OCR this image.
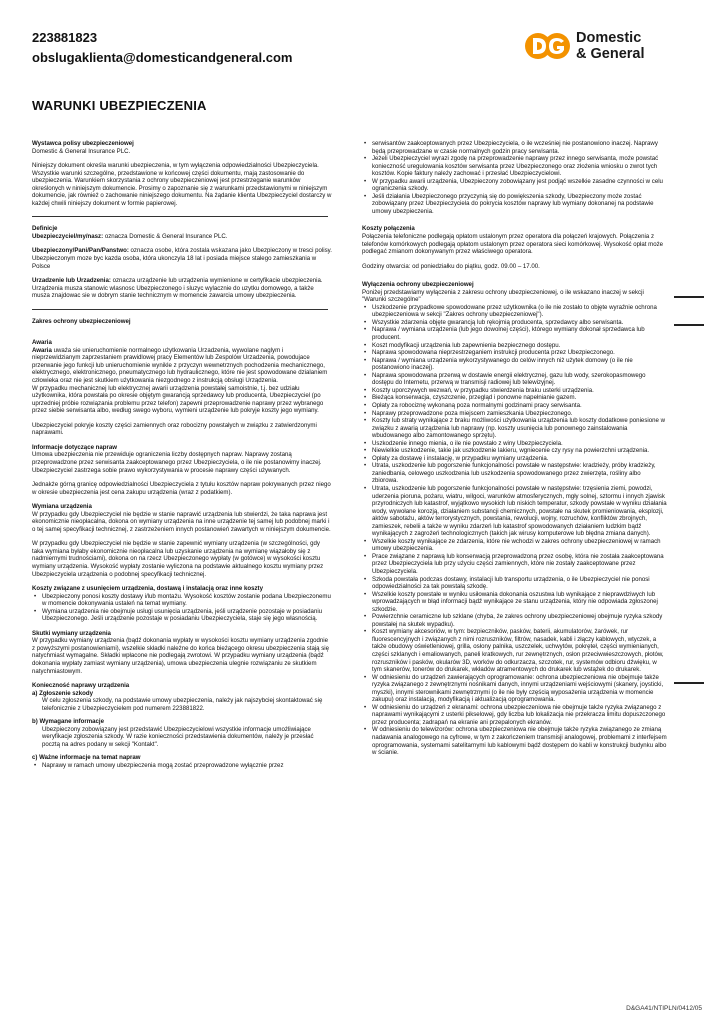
223881823
obslugaklienta@domesticandgeneral.com
Domestic
& General
WARUNKI UBEZPIECZENIA
Wystawca polisy ubezpieczeniowej
Domestic & General Insurance PLC.
Niniejszy dokument określa warunki ubezpieczenia, w tym wyłączenia odpowiedzialności Ubezpieczyciela. Wszystkie warunki szczególne, przedstawione w końcowej części dokumentu, mają zastosowanie do ubezpieczenia. Warunkiem skorzystania z ochrony ubezpieczeniowej jest przestrzeganie warunków określonych w niniejszym dokumencie. Prosimy o zapoznanie się z warunkami przedstawionymi w niniejszym dokumencie, jak również o zachowanie niniejszego dokumentu. Na żądanie klienta Ubezpieczyciel dostarczy w każdej chwili niniejszy dokument w formie papierowej.
Definicje
Ubezpieczyciel/my/nasz: oznacza Domestic & General Insurance PLC.
Ubezpieczony/Pani/Pan/Panstwo: oznacza osobe, która zostala wskazana jako Ubezpieczony w tresci polisy. Ubezpieczonym moze byc kazda osoba, która ukonczyla 18 lat i posiada miejsce stalego zamieszkania w Polsce
Urzadzenie lub Urzadzenia: oznacza urządzenie lub urządzenia wymienione w certyfikacie ubezpieczenia. Urządzenia musza stanowic wlasnosc Ubezpieczonego i sluzyc wylacznie do uzytku domowego, a także musza znajdowac sie w dobrym stanie technicznym w momencie zawarcia umowy ubezpieczenia.
Zakres ochrony ubezpieczeniowej
Awaria
Awaria uważa sie unieruchomienie normalnego użytkowania Urzadzenia, wywolane naglym i nieprzewidzianym zaprzestaniem prawidlowej pracy Elementów lub Zespolów Urzadzenia, powodujace przerwanie jego funkcji lub unieruchomienie wynikle z przyczyn wewnetrznych pochodzenia mechanicznego, elektrycznego, elektronicznego, pneumatycznego lub hydraulicznego, które nie jest spowodowane dzialaniem człowieka oraz nie jest skutkiem użytkowania niezgodnego z instrukcją obsługi Urządzenia.
W przypadku mechanicznej lub elektrycznej awarii urządzenia powstałej samoistnie, t.j. bez udziału użytkownika, która powstała po okresie objętym gwarancją sprzedawcy lub producenta, Ubezpieczyciel (po uprzedniej próbie rozwiązania problemu przez telefon) zapewni przeprowadzenie naprawy przez wybranego przez siebie serwisanta albo, według swego wyboru, wymieni urządzenie lub pokryje koszty jego wymiany.
Ubezpieczyciel pokryje koszty części zamiennych oraz robocizny powstałych w związku z zatwierdzonymi naprawami.
Informacje dotyczące napraw
Umowa ubezpieczenia nie przewiduje ograniczenia liczby dostępnych napraw. Naprawy zostaną przeprowadzone przez serwisanta zaakceptowanego przez Ubezpieczyciela, o ile nie postanowimy inaczej. Ubezpieczyciel zastrzega sobie prawo wykorzystywania w procesie naprawy części używanych.
Jednakże górną granicę odpowiedzialności Ubezpieczyciela z tytułu kosztów napraw pokrywanych przez niego w okresie ubezpieczenia jest cena zakupu urządzenia (wraz z podatkiem).
Wymiana urządzenia
W przypadku gdy Ubezpieczyciel nie będzie w stanie naprawić urządzenia lub stwierdzi, że taka naprawa jest ekonomicznie nieopłacalna, dokona on wymiany urządzenia na inne urządzenie tej samej lub podobnej marki i o tej samej specyfikacji technicznej, z zastrzeżeniem innych postanowień zawartych w niniejszym dokumencie.
W przypadku gdy Ubezpieczyciel nie będzie w stanie zapewnić wymiany urządzenia (w szczególności, gdy taka wymiana byłaby ekonomicznie nieopłacalna lub uzyskanie urządzenia na wymianę wiązałoby się z nadmiernymi trudnościami), dokona on na rzecz Ubezpieczonego wypłaty (w gotówce) w wysokości kosztu wymiany urządzenia. Wysokość wypłaty zostanie wyliczona na podstawie aktualnego kosztu wymiany przez Ubezpieczyciela urządzenia o podobnej specyfikacji technicznej.
Koszty związane z usunięciem urządzenia, dostawą i instalacją oraz inne koszty
• Ubezpieczony ponosi koszty dostawy i/lub montażu. Wysokość kosztów zostanie podana Ubezpieczonemu w momencie dokonywania ustaleń na temat wymiany.
• Wymiana urządzenia nie obejmuje usługi usunięcia urządzenia, jeśli urządzenie pozostaje w posiadaniu Ubezpieczonego. Jeśli urządzenie pozostaje w posiadaniu Ubezpieczyciela, staje się jego własnością.
Skutki wymiany urządzenia
W przypadku wymiany urządzenia (bądź dokonania wypłaty w wysokości kosztu wymiany urządzenia zgodnie z powyższymi postanowieniami), wszelkie składki należne do końca bieżącego okresu ubezpieczenia stają się natychmiast wymagalne. Składki wpłacone nie podlegają zwrotowi. W przypadku wymiany urządzenia (bądź dokonania wypłaty zamiast wymiany urządzenia), umowa ubezpieczenia ulegnie rozwiązaniu ze skutkiem natychmiastowym.
Konieczność naprawy urządzenia
a) Zgłoszenie szkody
W celu zgłoszenia szkody, na podstawie umowy ubezpieczenia, należy jak najszybciej skontaktować się telefonicznie z Ubezpieczycielem pod numerem 223881822.
b) Wymagane informacje
Ubezpieczony zobowiązany jest przedstawić Ubezpieczycielowi wszystkie informacje umożliwiające weryfikacje zgłoszenia szkody. W razie konieczności przedstawienia dokumentów, należy je przesłać pocztą na adres podany w sekcji "Kontakt".
c) Ważne informacje na temat napraw
• Naprawy w ramach umowy ubezpieczenia mogą zostać przeprowadzone wyłącznie przez
• serwisantów zaakceptowanych przez Ubezpieczyciela, o ile wcześniej nie postanowiono inaczej. Naprawy będą przeprowadzane w czasie normalnych godzin pracy serwisanta.
• Jeżeli Ubezpieczyciel wyrazi zgodę na przeprowadzenie naprawy przez innego serwisanta, może powstać konieczność uregulowania kosztów serwisanta przez Ubezpieczonego oraz złożenia wniosku o zwrot tych kosztów. Kopie faktury należy zachować i przesłać Ubezpieczycielowi.
• W przypadku awarii urządzenia, Ubezpieczony zobowiązany jest podjąć wszelkie zasadne czynności w celu ograniczenia szkody.
• Jeśli działania Ubezpieczonego przyczynią się do powiększenia szkody, Ubezpieczony może zostać zobowiązany przez Ubezpieczyciela do pokrycia kosztów naprawy lub wymiany dokonanej na podstawie umowy ubezpieczenia.
Koszty połączenia
Połączenia telefoniczne podlegają opłatom ustalonym przez operatora dla połączeń krajowych. Połączenia z telefonów komórkowych podlegają opłatom ustalonym przez operatora sieci komórkowej. Wysokość opłat może podlegać zmianom dokonywanym przez właściwego operatora.
Godziny otwarcia: od poniedziałku do piątku, godz. 09.00 – 17.00.
Wyłączenia ochrony ubezpieczeniowej
Poniżej przedstawiamy wyłączenia z zakresu ochrony ubezpieczeniowej, o ile wskazano inaczej w sekcji "Warunki szczególne"
• Uszkodzenie przypadkowe spowodowane przez użytkownika (o ile nie zostało to objęte wyraźnie ochrona ubezpieczeniowa w sekcji "Zakres ochrony ubezpieczeniowej").
• Wszystkie zdarzenia objęte gwarancją lub rękojmią producenta, sprzedawcy albo serwisanta.
• Naprawa / wymiana urządzenia (lub jego dowolnej części), którego wymiany dokonał sprzedawca lub producent.
• Koszt modyfikacji urządzenia lub zapewnienia bezpiecznego dostępu.
• Naprawa spowodowana nieprzestrzeganiem instrukcji producenta przez Ubezpieczonego.
• Naprawa / wymiana urządzenia wykorzystywanego do celów innych niż użytek domowy (o ile nie postanowiono inaczej).
• Naprawa spowodowana przerwą w dostawie energii elektrycznej, gazu lub wody, szerokopasmowego dostępu do Internetu, przerwą w transmisji radiowej lub telewizyjnej.
• Koszty uporczywych wezwań, w przypadku stwierdzenia braku usterki urządzenia.
• Bieżąca konserwacja, czyszczenie, przegląd i ponowne napełnianie gazem.
• Opłaty za robociznę wykonaną poza normalnymi godzinami pracy serwisanta.
• Naprawy przeprowadzone poza miejscem zamieszkania Ubezpieczonego.
• Koszty lub straty wynikające z braku możliwości użytkowania urządzenia lub koszty dodatkowe poniesione w związku z awarią urządzenia lub naprawy (np. koszty usunięcia lub ponownego zainstalowania wbudowanego albo zamontowanego sprzętu).
• Uszkodzenie innego mienia, o ile nie powstało z winy Ubezpieczyciela.
• Niewielkie uszkodzenie, takie jak uszkodzenie lakieru, wgniecenie czy rysy na powierzchni urządzenia.
• Opłaty za dostawę i instalację, w przypadku wymiany urządzenia.
• Utrata, uszkodzenie lub pogorszenie funkcjonalności powstałe w następstwie: kradzieży, próby kradzieży, zaniedbania, celowego uszkodzenia lub uszkodzenia spowodowanego przez zwierzęta, rośliny albo zbiorowa.
• Utrata, uszkodzenie lub pogorszenie funkcjonalności powstałe w następstwie: trzęsienia ziemi, powodzi, uderzenia pioruna, pożaru, wiatru, wilgoci, warunków atmosferycznych, mgły solnej, sztormu i innych zjawisk przyrodniczych lub katastrof, wyjątkowo wysokich lub niskich temperatur, szkody powstałe w wyniku działania wody, wywołane korozją, działaniem substancji chemicznych, powstałe na skutek promieniowania, eksplozji, aktów sabotażu, aktów terrorystycznych, powstania, rewolucji, wojny, rozruchów, konfliktów zbrojnych, zamieszek, rebelii a także w wyniku zdarzeń lub katastrof spowodowanych działaniem ludzkim bądź wynikających z zagrożeń technologicznych (takich jak wirusy komputerowe lub błędna zmiana danych).
• Wszelkie koszty wynikające ze zdarzenia, które nie wchodzi w zakres ochrony ubezpieczeniowej w ramach umowy ubezpieczenia.
• Prace związane z naprawą lub konserwacją przeprowadzoną przez osobę, która nie została zaakceptowana przez Ubezpieczyciela lub przy użyciu części zamiennych, które nie zostały zaakceptowane przez Ubezpieczyciela.
• Szkoda powstała podczas dostawy, instalacji lub transportu urządzenia, o ile Ubezpieczyciel nie ponosi odpowiedzialności za tak powstałą szkodę.
• Wszelkie koszty powstałe w wyniku usiłowania dokonania oszustwa lub wynikające z nieprawdziwych lub wprowadzających w błąd informacji bądź wynikające ze stanu urządzenia, który nie odpowiada zgłoszonej szkodzie.
• Powierzchnie ceramiczne lub szklane (chyba, że zakres ochrony ubezpieczeniowej obejmuje ryzyka szkody powstałej na skutek wypadku).
• Koszt wymiany akcesoriów, w tym: bezpieczników, pasków, baterii, akumulatorów, żarówek, rur fluorescencyjnych i związanych z nimi rozruszników, filtrów, nasadek, kabli i złączy kablowych, wtyczek, a także obudowy oświetleniowej, grilla, osłony palnika, uszczelek, uchwytów, pokręteł, części wymienianych, części szklanych i emaliowanych, paneli kratkowych, rur zewnętrznych, osłon przeciwwieszczowych, płotów, rozruszników i pasków, okularów 3D, worków do odkurzacza, szczotek, rur, systemów odbioru dźwięku, w tym skanerów, tonerów do drukarek, wkładów atramentowych do drukarek lub wstążek do drukarek.
• W odniesieniu do urządzeń zawierających oprogramowanie: ochrona ubezpieczeniowa nie obejmuje także ryzyka związanego z zewnętrznymi nośnikami danych, innymi urządzeniami wejściowymi (skanery, joysticki, myszki), innymi sterownikami zewnętrznymi (o ile nie były częścią wyposażenia urządzenia w momencie zakupu) oraz instalacją, modyfikacją i aktualizacją oprogramowania.
• W odniesieniu do urządzeń z ekranami: ochrona ubezpieczeniowa nie obejmuje także ryzyka związanego z naprawami wynikającymi z usterki pikselowej, gdy liczba lub lokalizacja nie przekracza limitu dopuszczonego przez producenta; zadrapań na ekranie ani przepalonych ekranów.
• W odniesieniu do telewizorów: ochrona ubezpieczeniowa nie obejmuje także ryzyka związanego ze zmianą nadawania analogowego na cyfrowe, w tym z zakończeniem transmisji analogowej, problemami z interfejsem oprogramowania, systemami satelitarnymi lub kablowymi bądź dostępem do kabli w konstrukcji budynku albo w ścianie.
D&GA41/NTIPLN/0412/05
